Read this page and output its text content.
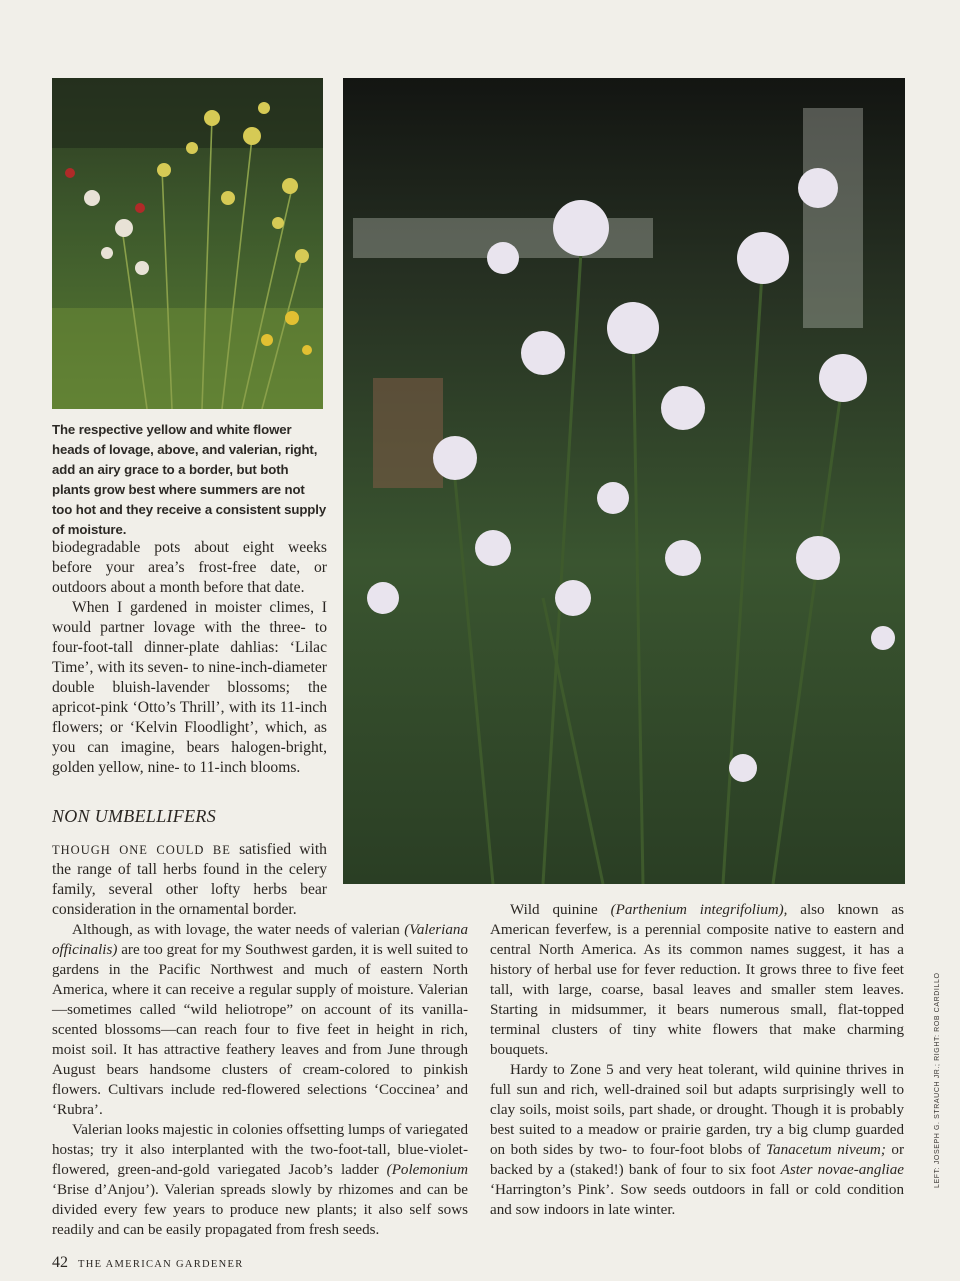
The respective yellow and white flower heads of lovage, above, and valerian, right, add an airy grace to a border, but both plants grow best where summers are not too hot and they receive a consistent supply of moisture.

biodegradable pots about eight weeks before your area’s frost-free date, or outdoors about a month before that date.

When I gardened in moister climes, I would partner lovage with the three- to four-foot-tall dinner-plate dahlias: ‘Lilac Time’, with its seven- to nine-inch-diameter double bluish-lavender blossoms; the apricot-pink ‘Otto’s Thrill’, with its 11-inch flowers; or ‘Kelvin Floodlight’, which, as you can imagine, bears halogen-bright, golden yellow, nine- to 11-inch blooms.

NON UMBELLIFERS
THOUGH ONE COULD BE satisfied with the range of tall herbs found in the celery family, several other lofty herbs bear consideration in the ornamental border.

Although, as with lovage, the water needs of valerian (Valeriana officinalis) are too great for my Southwest garden, it is well suited to gardens in the Pacific Northwest and much of eastern North America, where it can receive a regular supply of moisture. Valerian—sometimes called “wild heliotrope” on account of its vanilla-scented blossoms—can reach four to five feet in height in rich, moist soil. It has attractive feathery leaves and from June through August bears handsome clusters of cream-colored to pinkish flowers. Cultivars include red-flowered selections ‘Coccinea’ and ‘Rubra’.

Valerian looks majestic in colonies offsetting lumps of variegated hostas; try it also interplanted with the two-foot-tall, blue-violet-flowered, green-and-gold variegated Jacob’s ladder (Polemonium ‘Brise d’Anjou’). Valerian spreads slowly by rhizomes and can be divided every few years to produce new plants; it also self sows readily and can be easily propagated from fresh seeds.

Wild quinine (Parthenium integrifolium), also known as American feverfew, is a perennial composite native to eastern and central North America. As its common names suggest, it has a history of herbal use for fever reduction. It grows three to five feet tall, with large, coarse, basal leaves and smaller stem leaves. Starting in midsummer, it bears numerous small, flat-topped terminal clusters of tiny white flowers that make charming bouquets.

Hardy to Zone 5 and very heat tolerant, wild quinine thrives in full sun and rich, well-drained soil but adapts surprisingly well to clay soils, moist soils, part shade, or drought. Though it is probably best suited to a meadow or prairie garden, try a big clump guarded on both sides by two- to four-foot blobs of Tanacetum niveum; or backed by a (staked!) bank of four to six foot Aster novae-angliae ‘Harrington’s Pink’. Sow seeds outdoors in fall or cold condition and sow indoors in late winter.

42 THE AMERICAN GARDENER
LEFT: JOSEPH G. STRAUCH JR.; RIGHT: ROB CARDILLO
